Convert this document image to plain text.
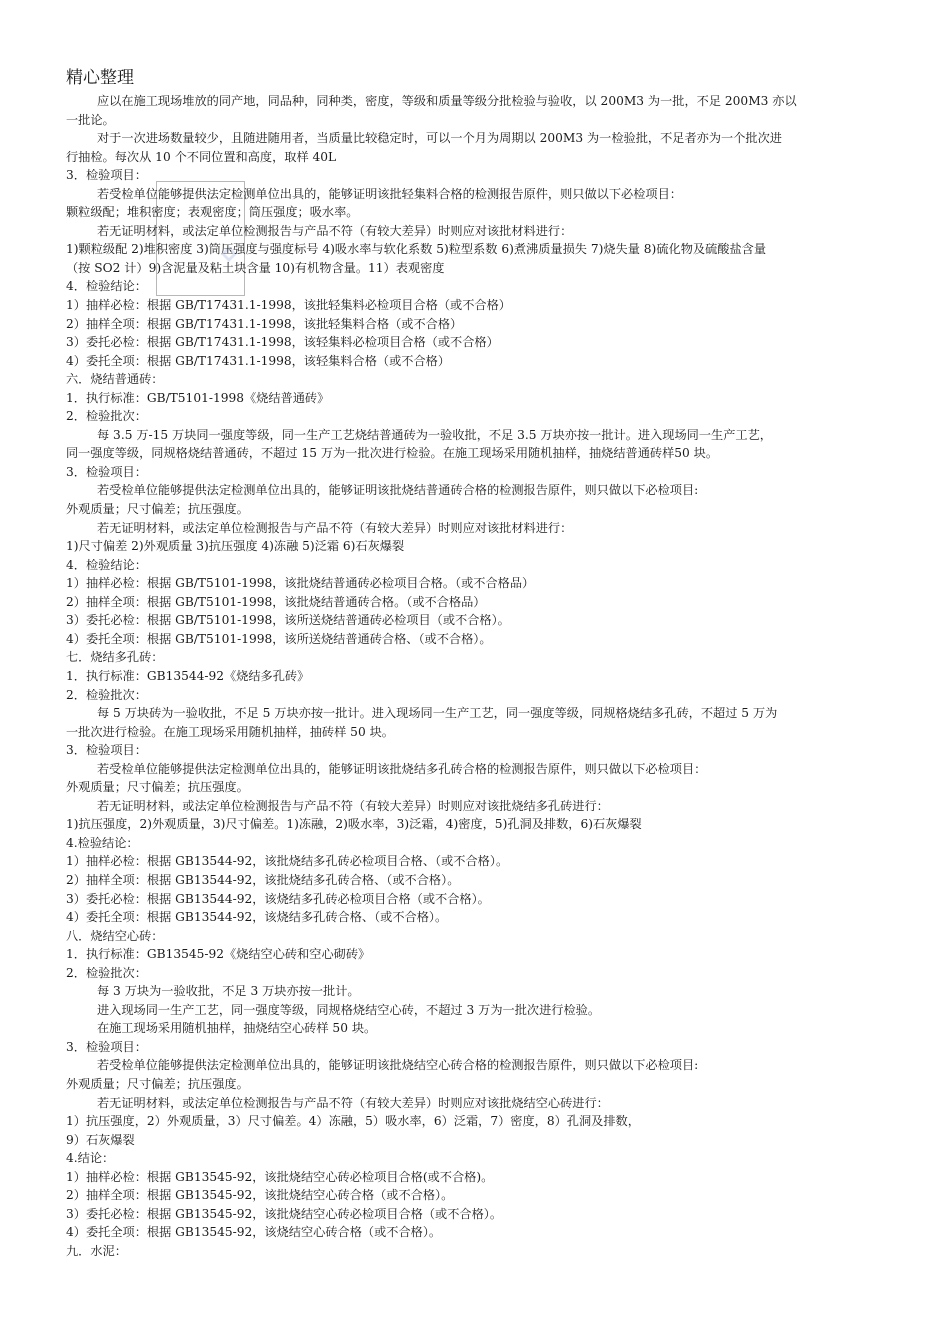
精心整理
应以在施工现场堆放的同产地，同品种，同种类，密度，等级和质量等级分批检验与验收，以 200M3 为一批，不足 200M3 亦以
一批论。
对于一次进场数量较少，且随进随用者，当质量比较稳定时，可以一个月为周期以 200M3 为一检验批，不足者亦为一个批次进
行抽检。每次从 10 个不同位置和高度，取样 40L
3．检验项目：
若受检单位能够提供法定检测单位出具的，能够证明该批轻集料合格的检测报告原件，则只做以下必检项目：
颗粒级配；堆积密度；表观密度；筒压强度；吸水率。
若无证明材料，或法定单位检测报告与产品不符（有较大差异）时则应对该批材料进行：
1)颗粒级配 2)堆积密度 3)筒压强度与强度标号 4)吸水率与软化系数 5)粒型系数 6)煮沸质量损失 7)烧失量 8)硫化物及硫酸盐含量
（按 SO2 计）9)含泥量及粘土块含量 10)有机物含量。11）表观密度
4．检验结论：
1）抽样必检：根据 GB/T17431.1-1998，该批轻集料必检项目合格（或不合格）
2）抽样全项：根据 GB/T17431.1-1998，该批轻集料合格（或不合格）
3）委托必检：根据 GB/T17431.1-1998，该轻集料必检项目合格（或不合格）
4）委托全项：根据 GB/T17431.1-1998，该轻集料合格（或不合格）
六．烧结普通砖：
1．执行标准：GB/T5101-1998《烧结普通砖》
2．检验批次：
每 3.5 万-15 万块同一强度等级，同一生产工艺烧结普通砖为一验收批，不足 3.5 万块亦按一批计。进入现场同一生产工艺，
同一强度等级，同规格烧结普通砖，不超过 15 万为一批次进行检验。在施工现场采用随机抽样，抽烧结普通砖样50 块。
3．检验项目：
若受检单位能够提供法定检测单位出具的，能够证明该批烧结普通砖合格的检测报告原件，则只做以下必检项目:
外观质量；尺寸偏差；抗压强度。
若无证明材料，或法定单位检测报告与产品不符（有较大差异）时则应对该批材料进行：
1)尺寸偏差 2)外观质量 3)抗压强度 4)冻融 5)泛霜 6)石灰爆裂
4．检验结论：
1）抽样必检：根据 GB/T5101-1998，该批烧结普通砖必检项目合格。（或不合格品）
2）抽样全项：根据 GB/T5101-1998，该批烧结普通砖合格。（或不合格品）
3）委托必检：根据 GB/T5101-1998，该所送烧结普通砖必检项目（或不合格）。
4）委托全项：根据 GB/T5101-1998，该所送烧结普通砖合格、（或不合格）。
七．烧结多孔砖：
1．执行标准：GB13544-92《烧结多孔砖》
2．检验批次：
每 5 万块砖为一验收批，不足 5 万块亦按一批计。进入现场同一生产工艺，同一强度等级，同规格烧结多孔砖，不超过 5 万为
一批次进行检验。在施工现场采用随机抽样，抽砖样 50 块。
3．检验项目：
若受检单位能够提供法定检测单位出具的，能够证明该批烧结多孔砖合格的检测报告原件，则只做以下必检项目：
外观质量；尺寸偏差；抗压强度。
若无证明材料，或法定单位检测报告与产品不符（有较大差异）时则应对该批烧结多孔砖进行：
1)抗压强度，2)外观质量，3)尺寸偏差。1)冻融，2)吸水率，3)泛霜，4)密度，5)孔洞及排数，6)石灰爆裂
4.检验结论：
1）抽样必检：根据 GB13544-92，该批烧结多孔砖必检项目合格、（或不合格）。
2）抽样全项：根据 GB13544-92，该批烧结多孔砖合格、（或不合格）。
3）委托必检：根据 GB13544-92，该烧结多孔砖必检项目合格（或不合格）。
4）委托全项：根据 GB13544-92，该烧结多孔砖合格、（或不合格）。
八．烧结空心砖：
1．执行标准：GB13545-92《烧结空心砖和空心砌砖》
2．检验批次：
每 3 万块为一验收批，不足 3 万块亦按一批计。
进入现场同一生产工艺，同一强度等级，同规格烧结空心砖，不超过 3 万为一批次进行检验。
在施工现场采用随机抽样，抽烧结空心砖样 50 块。
3．检验项目：
若受检单位能够提供法定检测单位出具的，能够证明该批烧结空心砖合格的检测报告原件，则只做以下必检项目:
外观质量；尺寸偏差；抗压强度。
若无证明材料，或法定单位检测报告与产品不符（有较大差异）时则应对该批烧结空心砖进行：
1）抗压强度，2）外观质量，3）尺寸偏差。4）冻融，5）吸水率，6）泛霜，7）密度，8）孔洞及排数，
9）石灰爆裂
4.结论：
1）抽样必检：根据 GB13545-92，该批烧结空心砖必检项目合格(或不合格)。
2）抽样全项：根据 GB13545-92，该批烧结空心砖合格（或不合格）。
3）委托必检：根据 GB13545-92，该批烧结空心砖必检项目合格（或不合格）。
4）委托全项：根据 GB13545-92，该烧结空心砖合格（或不合格）。
九．水泥：
